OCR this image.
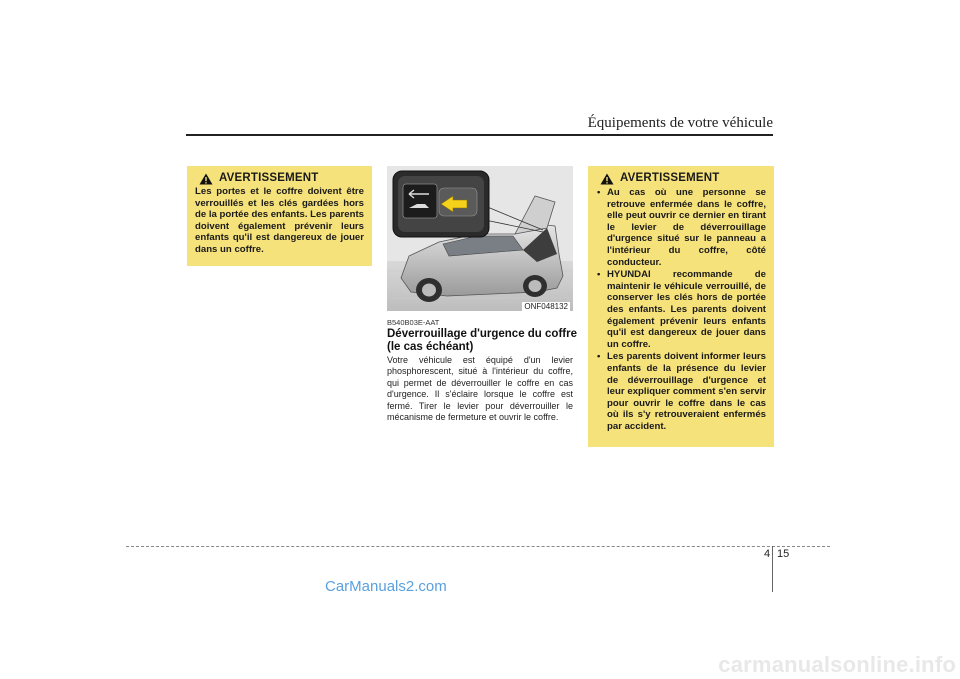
Équipements de votre véhicule
AVERTISSEMENT
Les portes et le coffre doivent être verrouillés et les clés gardées hors de la portée des enfants. Les parents doivent également prévenir leurs enfants qu'il est dangereux de jouer dans un coffre.
ONF048132
B540B03E-AAT
Déverrouillage d'urgence du coffre (le cas échéant)
Votre véhicule est équipé d'un levier phosphorescent, situé à l'intérieur du coffre, qui permet de déverrouiller le coffre en cas d'urgence. Il s'éclaire lorsque le coffre est fermé. Tirer le levier pour déverrouiller le mécanisme de fermeture et ouvrir le coffre.
AVERTISSEMENT
• Au cas où une personne se retrouve enfermée dans le coffre, elle peut ouvrir ce dernier en tirant le levier de déverrouillage d'urgence situé sur le panneau a l'intérieur du coffre, côté conducteur.
• HYUNDAI recommande de maintenir le véhicule verrouillé, de conserver les clés hors de portée des enfants. Les parents doivent également prévenir leurs enfants qu'il est dangereux de jouer dans un coffre.
• Les parents doivent informer leurs enfants de la présence du levier de déverrouillage d'urgence et leur expliquer comment s'en servir pour ouvrir le coffre dans le cas où ils s'y retrouveraient enfermés par accident.
4 15
CarManuals2.com
carmanualsonline.info
